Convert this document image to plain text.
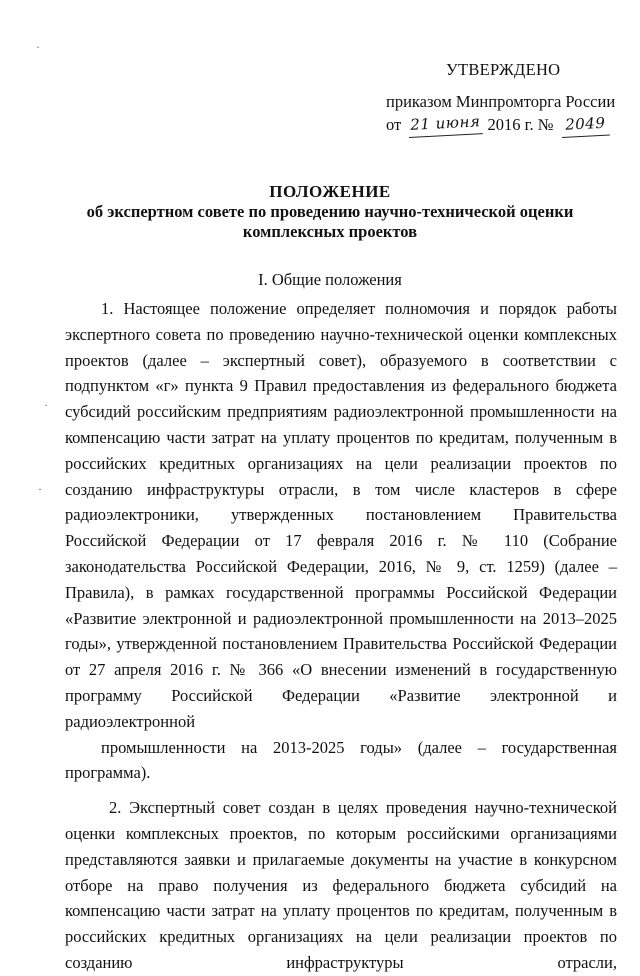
УТВЕРЖДЕНО
приказом Минпромторга России
от 21 июня 2016 г. № 2049
ПОЛОЖЕНИЕ
об экспертном совете по проведению научно-технической оценки
комплексных проектов
I. Общие положения
1. Настоящее положение определяет полномочия и порядок работы экспертного совета по проведению научно-технической оценки комплексных проектов (далее – экспертный совет), образуемого в соответствии с подпунктом «г» пункта 9 Правил предоставления из федерального бюджета субсидий российским предприятиям радиоэлектронной промышленности на компенсацию части затрат на уплату процентов по кредитам, полученным в российских кредитных организациях на цели реализации проектов по созданию инфраструктуры отрасли, в том числе кластеров в сфере радиоэлектроники, утвержденных постановлением Правительства Российской Федерации от 17 февраля 2016 г. № 110 (Собрание законодательства Российской Федерации, 2016, № 9, ст. 1259) (далее – Правила), в рамках государственной программы Российской Федерации «Развитие электронной и радиоэлектронной промышленности на 2013–2025 годы», утвержденной постановлением Правительства Российской Федерации от 27 апреля 2016 г. № 366 «О внесении изменений в государственную программу Российской Федерации «Развитие электронной и радиоэлектронной
промышленности на 2013-2025 годы» (далее – государственная программа).
2. Экспертный совет создан в целях проведения научно-технической оценки комплексных проектов, по которым российскими организациями представляются заявки и прилагаемые документы на участие в конкурсном отборе на право получения из федерального бюджета субсидий на компенсацию части затрат на уплату процентов по кредитам, полученным в российских кредитных организациях на цели реализации проектов по созданию инфраструктуры отрасли,
·
·
·
